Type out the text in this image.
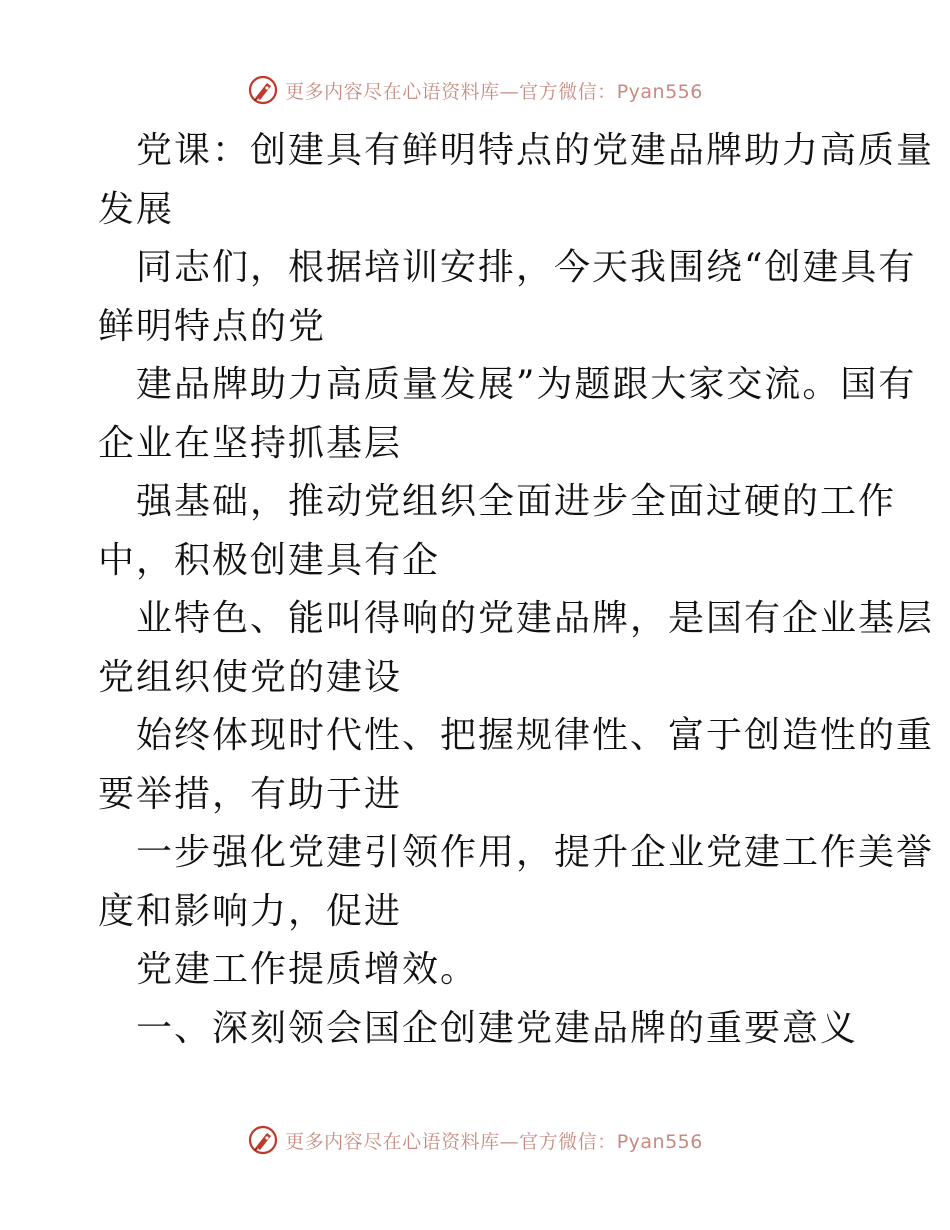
更多内容尽在心语资料库—官方微信：Pyan556
党课：创建具有鲜明特点的党建品牌助力高质量
发展
同志们，根据培训安排，今天我围绕“创建具有
鲜明特点的党
建品牌助力高质量发展”为题跟大家交流。国有
企业在坚持抓基层
强基础，推动党组织全面进步全面过硬的工作
中，积极创建具有企
业特色、能叫得响的党建品牌，是国有企业基层
党组织使党的建设
始终体现时代性、把握规律性、富于创造性的重
要举措，有助于进
一步强化党建引领作用，提升企业党建工作美誉
度和影响力，促进
党建工作提质增效。
一、深刻领会国企创建党建品牌的重要意义
更多内容尽在心语资料库—官方微信：Pyan556
